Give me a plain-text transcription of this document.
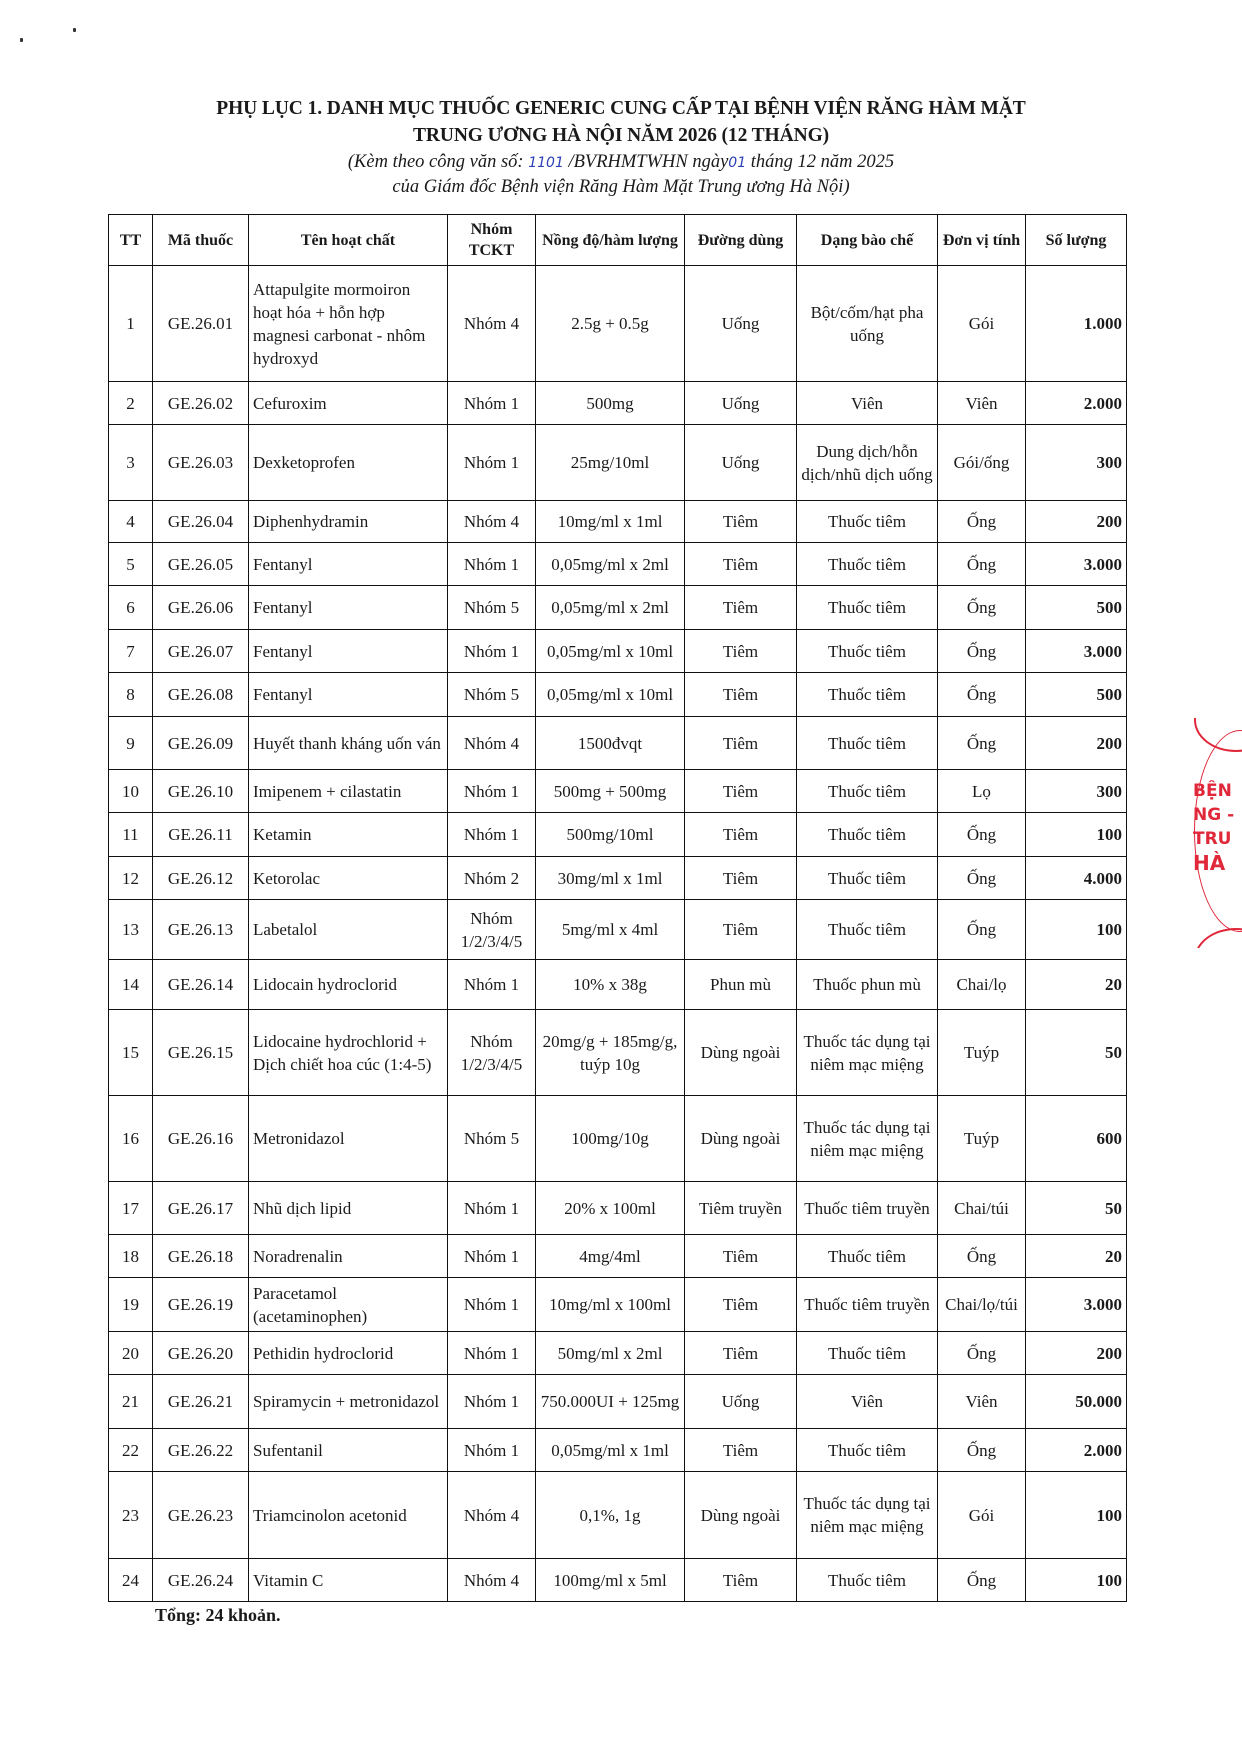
PHỤ LỤC 1. DANH MỤC THUỐC GENERIC CUNG CẤP TẠI BỆNH VIỆN RĂNG HÀM MẶT
TRUNG ƯƠNG HÀ NỘI NĂM 2026 (12 THÁNG)
(Kèm theo công văn số: 1101 /BVRHMTWHN ngày01 tháng 12 năm 2025
của Giám đốc Bệnh viện Răng Hàm Mặt Trung ương Hà Nội)
TT	Mã thuốc	Tên hoạt chất	Nhóm TCKT	Nồng độ/hàm lượng	Đường dùng	Dạng bào chế	Đơn vị tính	Số lượng
1	GE.26.01	Attapulgite mormoiron hoạt hóa + hỗn hợp magnesi carbonat - nhôm hydroxyd	Nhóm 4	2.5g + 0.5g	Uống	Bột/cốm/hạt pha uống	Gói	1.000
2	GE.26.02	Cefuroxim	Nhóm 1	500mg	Uống	Viên	Viên	2.000
3	GE.26.03	Dexketoprofen	Nhóm 1	25mg/10ml	Uống	Dung dịch/hỗn dịch/nhũ dịch uống	Gói/ống	300
4	GE.26.04	Diphenhydramin	Nhóm 4	10mg/ml x 1ml	Tiêm	Thuốc tiêm	Ống	200
5	GE.26.05	Fentanyl	Nhóm 1	0,05mg/ml x 2ml	Tiêm	Thuốc tiêm	Ống	3.000
6	GE.26.06	Fentanyl	Nhóm 5	0,05mg/ml x 2ml	Tiêm	Thuốc tiêm	Ống	500
7	GE.26.07	Fentanyl	Nhóm 1	0,05mg/ml x 10ml	Tiêm	Thuốc tiêm	Ống	3.000
8	GE.26.08	Fentanyl	Nhóm 5	0,05mg/ml x 10ml	Tiêm	Thuốc tiêm	Ống	500
9	GE.26.09	Huyết thanh kháng uốn ván	Nhóm 4	1500đvqt	Tiêm	Thuốc tiêm	Ống	200
10	GE.26.10	Imipenem + cilastatin	Nhóm 1	500mg + 500mg	Tiêm	Thuốc tiêm	Lọ	300
11	GE.26.11	Ketamin	Nhóm 1	500mg/10ml	Tiêm	Thuốc tiêm	Ống	100
12	GE.26.12	Ketorolac	Nhóm 2	30mg/ml x 1ml	Tiêm	Thuốc tiêm	Ống	4.000
13	GE.26.13	Labetalol	Nhóm 1/2/3/4/5	5mg/ml x 4ml	Tiêm	Thuốc tiêm	Ống	100
14	GE.26.14	Lidocain hydroclorid	Nhóm 1	10% x 38g	Phun mù	Thuốc phun mù	Chai/lọ	20
15	GE.26.15	Lidocaine hydrochlorid + Dịch chiết hoa cúc (1:4-5)	Nhóm 1/2/3/4/5	20mg/g + 185mg/g, tuýp 10g	Dùng ngoài	Thuốc tác dụng tại niêm mạc miệng	Tuýp	50
16	GE.26.16	Metronidazol	Nhóm 5	100mg/10g	Dùng ngoài	Thuốc tác dụng tại niêm mạc miệng	Tuýp	600
17	GE.26.17	Nhũ dịch lipid	Nhóm 1	20% x 100ml	Tiêm truyền	Thuốc tiêm truyền	Chai/túi	50
18	GE.26.18	Noradrenalin	Nhóm 1	4mg/4ml	Tiêm	Thuốc tiêm	Ống	20
19	GE.26.19	Paracetamol (acetaminophen)	Nhóm 1	10mg/ml x 100ml	Tiêm	Thuốc tiêm truyền	Chai/lọ/túi	3.000
20	GE.26.20	Pethidin hydroclorid	Nhóm 1	50mg/ml x 2ml	Tiêm	Thuốc tiêm	Ống	200
21	GE.26.21	Spiramycin + metronidazol	Nhóm 1	750.000UI + 125mg	Uống	Viên	Viên	50.000
22	GE.26.22	Sufentanil	Nhóm 1	0,05mg/ml x 1ml	Tiêm	Thuốc tiêm	Ống	2.000
23	GE.26.23	Triamcinolon acetonid	Nhóm 4	0,1%, 1g	Dùng ngoài	Thuốc tác dụng tại niêm mạc miệng	Gói	100
24	GE.26.24	Vitamin C	Nhóm 4	100mg/ml x 5ml	Tiêm	Thuốc tiêm	Ống	100
Tổng: 24 khoản.
BỆN
NG -
TRU
HÀ
